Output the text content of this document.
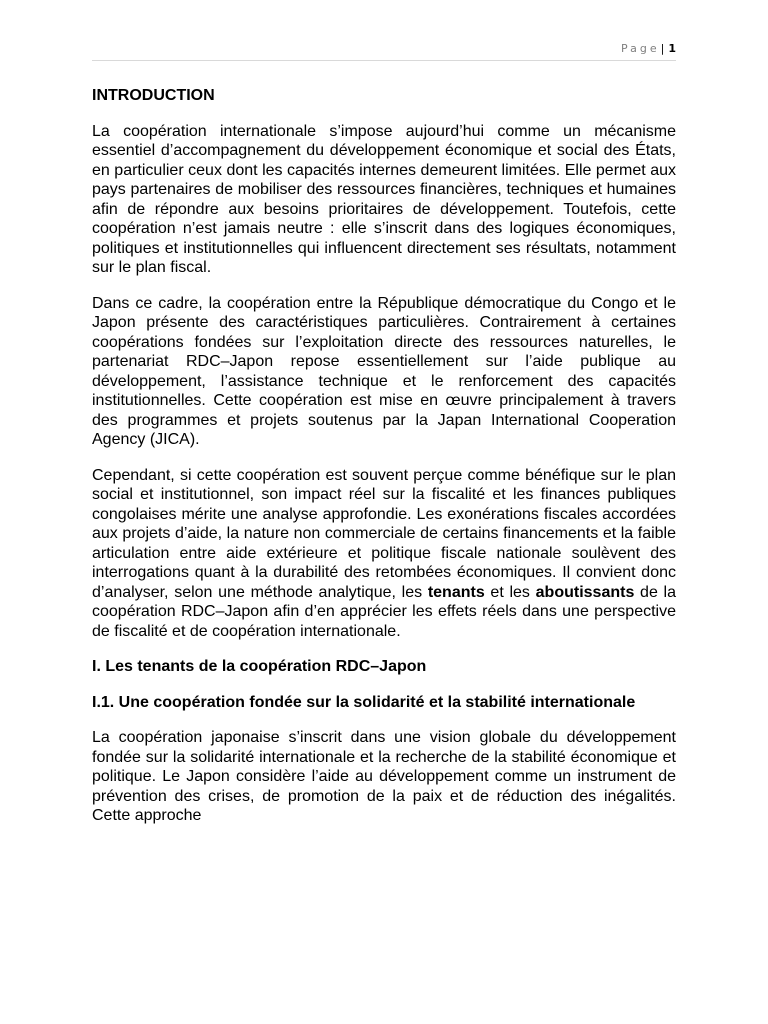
Page| 1
INTRODUCTION

La coopération internationale s’impose aujourd’hui comme un mécanisme essentiel d’accompagnement du développement économique et social des États, en particulier ceux dont les capacités internes demeurent limitées. Elle permet aux pays partenaires de mobiliser des ressources financières, techniques et humaines afin de répondre aux besoins prioritaires de développement. Toutefois, cette coopération n’est jamais neutre : elle s’inscrit dans des logiques économiques, politiques et institutionnelles qui influencent directement ses résultats, notamment sur le plan fiscal.

Dans ce cadre, la coopération entre la République démocratique du Congo et le Japon présente des caractéristiques particulières. Contrairement à certaines coopérations fondées sur l’exploitation directe des ressources naturelles, le partenariat RDC–Japon repose essentiellement sur l’aide publique au développement, l’assistance technique et le renforcement des capacités institutionnelles. Cette coopération est mise en œuvre principalement à travers des programmes et projets soutenus par la Japan International Cooperation Agency (JICA).

Cependant, si cette coopération est souvent perçue comme bénéfique sur le plan social et institutionnel, son impact réel sur la fiscalité et les finances publiques congolaises mérite une analyse approfondie. Les exonérations fiscales accordées aux projets d’aide, la nature non commerciale de certains financements et la faible articulation entre aide extérieure et politique fiscale nationale soulèvent des interrogations quant à la durabilité des retombées économiques. Il convient donc d’analyser, selon une méthode analytique, les tenants et les aboutissants de la coopération RDC–Japon afin d’en apprécier les effets réels dans une perspective de fiscalité et de coopération internationale.

I. Les tenants de la coopération RDC–Japon
I.1. Une coopération fondée sur la solidarité et la stabilité internationale

La coopération japonaise s’inscrit dans une vision globale du développement fondée sur la solidarité internationale et la recherche de la stabilité économique et politique. Le Japon considère l’aide au développement comme un instrument de prévention des crises, de promotion de la paix et de réduction des inégalités. Cette approche
